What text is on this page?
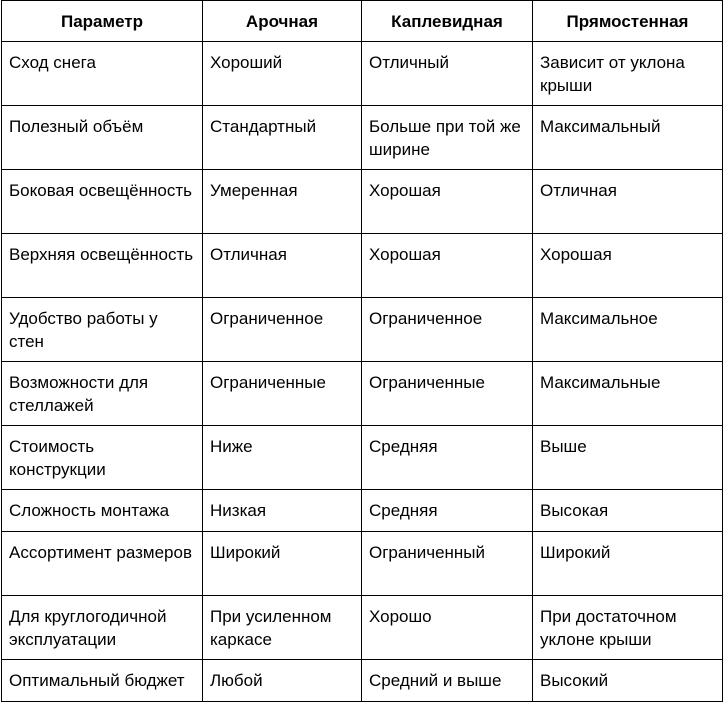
Параметр	Арочная	Каплевидная	Прямостенная
Сход снега	Хороший	Отличный	Зависит от уклона крыши
Полезный объём	Стандартный	Больше при той же ширине	Максимальный
Боковая освещённость	Умеренная	Хорошая	Отличная
Верхняя освещённость	Отличная	Хорошая	Хорошая
Удобство работы у стен	Ограниченное	Ограниченное	Максимальное
Возможности для стеллажей	Ограниченные	Ограниченные	Максимальные
Стоимость конструкции	Ниже	Средняя	Выше
Сложность монтажа	Низкая	Средняя	Высокая
Ассортимент размеров	Широкий	Ограниченный	Широкий
Для круглогодичной эксплуатации	При усиленном каркасе	Хорошо	При достаточном уклоне крыши
Оптимальный бюджет	Любой	Средний и выше	Высокий
